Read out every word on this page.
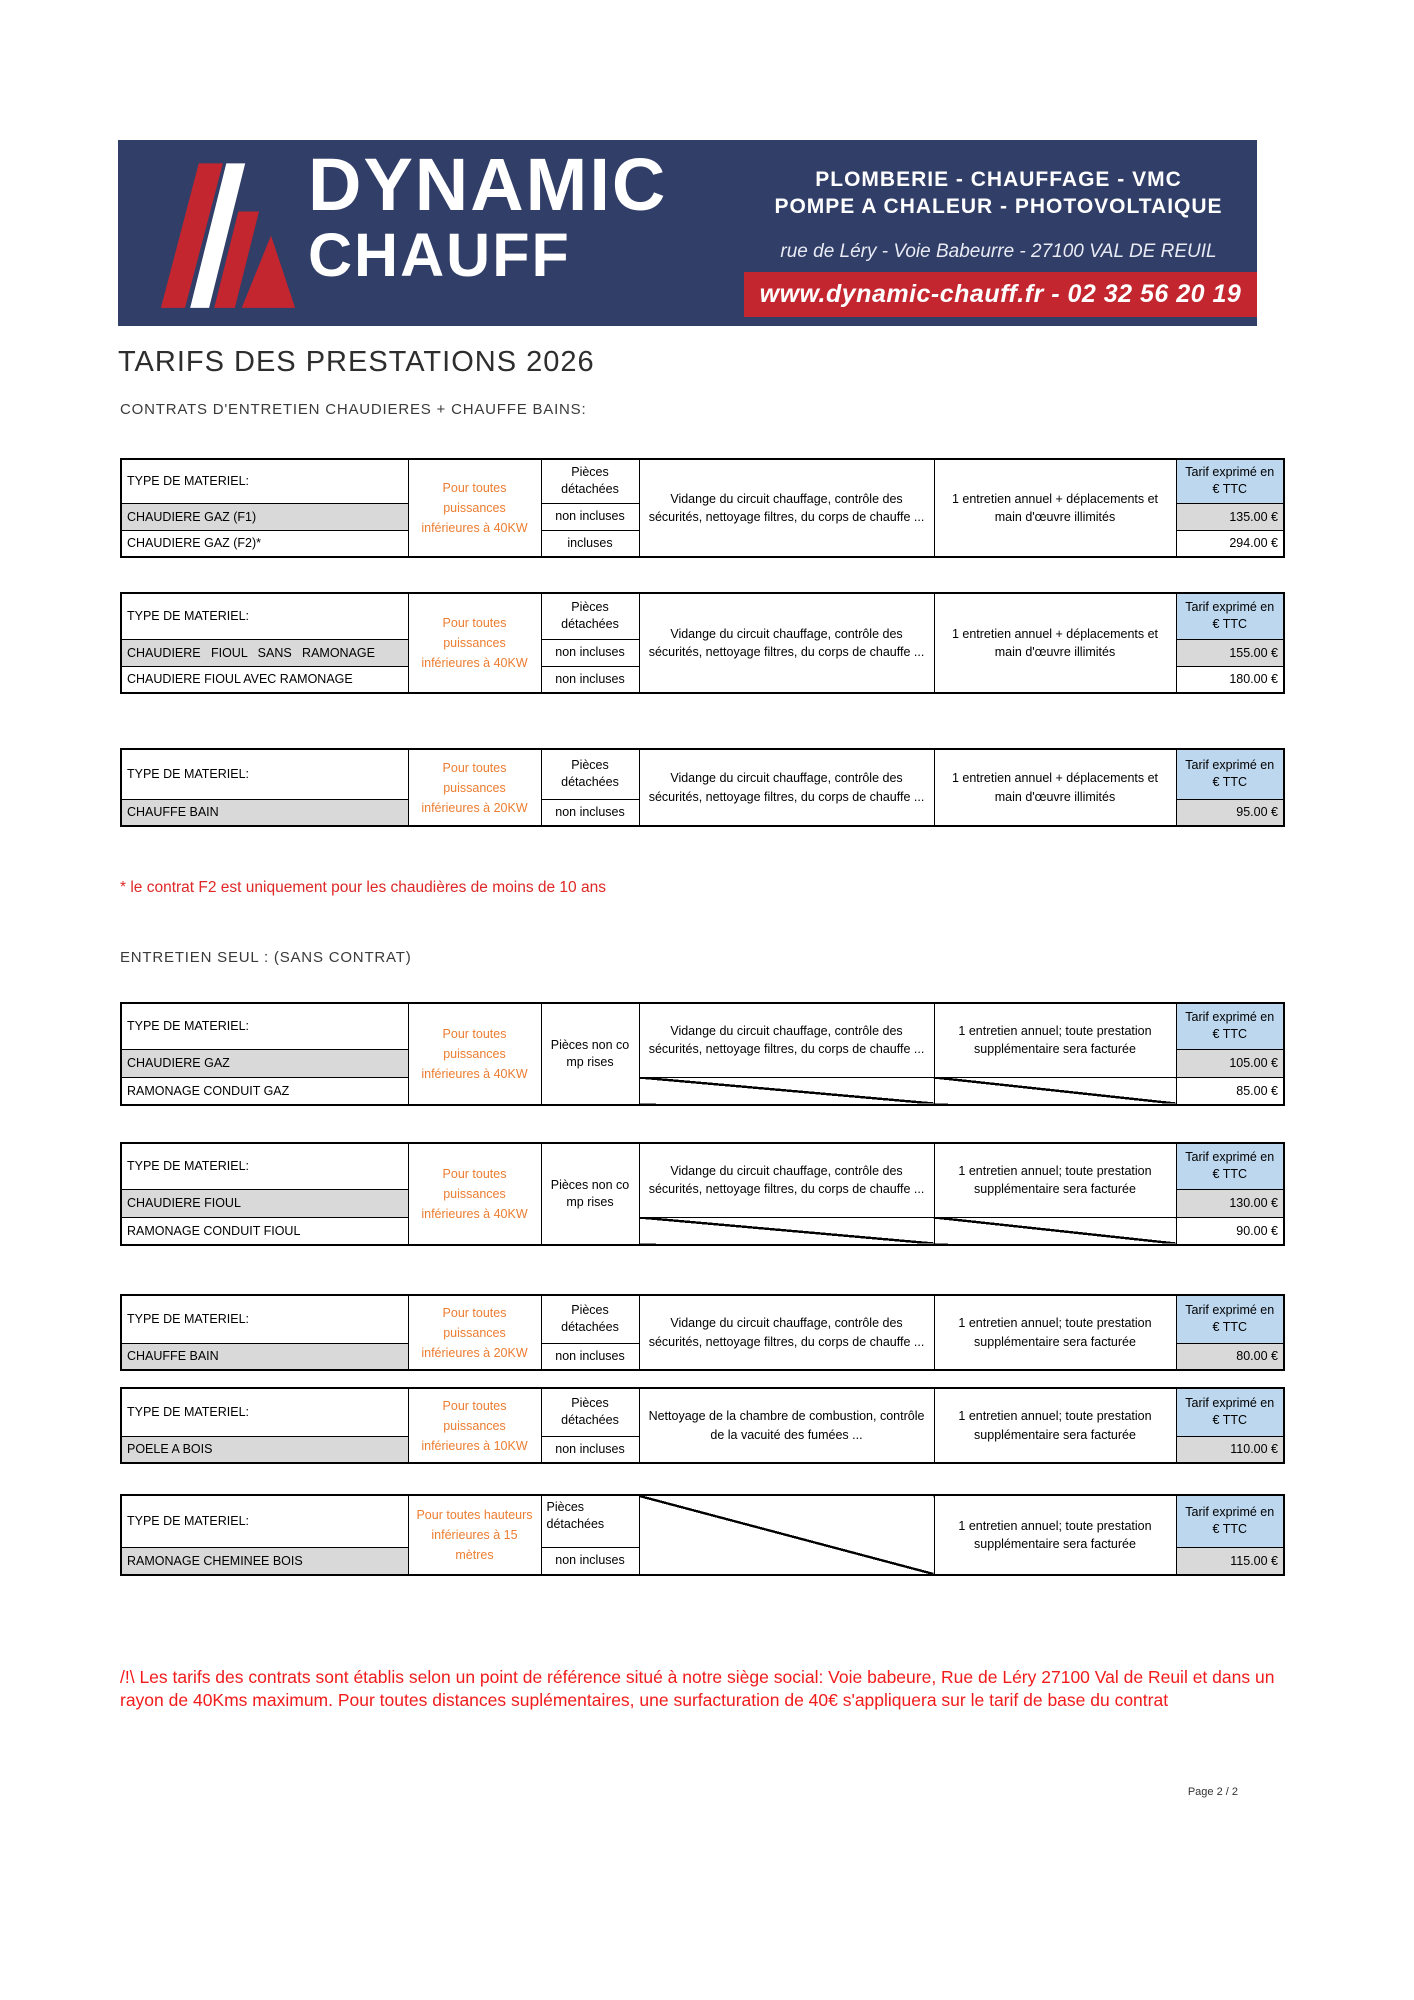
DYNAMIC
CHAUFF
PLOMBERIE - CHAUFFAGE - VMC
POMPE A CHALEUR - PHOTOVOLTAIQUE
rue de Léry - Voie Babeurre - 27100 VAL DE REUIL
www.dynamic-chauff.fr - 02 32 56 20 19
TARIFS DES PRESTATIONS 2026
CONTRATS D'ENTRETIEN CHAUDIERES + CHAUFFE BAINS:
TYPE DE MATERIEL:	Pour toutes puissances inférieures à 40KW	Pièces détachées	Vidange du circuit chauffage, contrôle des sécurités, nettoyage filtres, du corps de chauffe ...	1 entretien annuel + déplacements et main d'œuvre illimités	Tarif exprimé en € TTC
CHAUDIERE GAZ (F1)		non incluses			135.00 €
CHAUDIERE GAZ (F2)*		incluses			294.00 €
TYPE DE MATERIEL:	Pour toutes puissances inférieures à 40KW	Pièces détachées	Vidange du circuit chauffage, contrôle des sécurités, nettoyage filtres, du corps de chauffe ...	1 entretien annuel + déplacements et main d'œuvre illimités	Tarif exprimé en € TTC
CHAUDIERE FIOUL SANS RAMONAGE		non incluses			155.00 €
CHAUDIERE FIOUL AVEC RAMONAGE		non incluses			180.00 €
TYPE DE MATERIEL:	Pour toutes puissances inférieures à 20KW	Pièces détachées	Vidange du circuit chauffage, contrôle des sécurités, nettoyage filtres, du corps de chauffe ...	1 entretien annuel + déplacements et main d'œuvre illimités	Tarif exprimé en € TTC
CHAUFFE BAIN		non incluses			95.00 €
TYPE DE MATERIEL:	Pour toutes puissances inférieures à 40KW	Pièces non co mp rises	Vidange du circuit chauffage, contrôle des sécurités, nettoyage filtres, du corps de chauffe ...	1 entretien annuel; toute prestation supplémentaire sera facturée	Tarif exprimé en € TTC
CHAUDIERE GAZ					105.00 €
RAMONAGE CONDUIT GAZ					85.00 €
TYPE DE MATERIEL:	Pour toutes puissances inférieures à 40KW	Pièces non co mp rises	Vidange du circuit chauffage, contrôle des sécurités, nettoyage filtres, du corps de chauffe ...	1 entretien annuel; toute prestation supplémentaire sera facturée	Tarif exprimé en € TTC
CHAUDIERE FIOUL					130.00 €
RAMONAGE CONDUIT FIOUL					90.00 €
TYPE DE MATERIEL:	Pour toutes puissances inférieures à 20KW	Pièces détachées	Vidange du circuit chauffage, contrôle des sécurités, nettoyage filtres, du corps de chauffe ...	1 entretien annuel; toute prestation supplémentaire sera facturée	Tarif exprimé en € TTC
CHAUFFE BAIN		non incluses			80.00 €
TYPE DE MATERIEL:	Pour toutes puissances inférieures à 10KW	Pièces détachées	Nettoyage de la chambre de combustion, contrôle de la vacuité des fumées ...	1 entretien annuel; toute prestation supplémentaire sera facturée	Tarif exprimé en € TTC
POELE A BOIS		non incluses			110.00 €
TYPE DE MATERIEL:	Pour toutes hauteurs inférieures à 15 mètres	Pièces détachées		1 entretien annuel; toute prestation supplémentaire sera facturée	Tarif exprimé en € TTC
RAMONAGE CHEMINEE BOIS		non incluses			115.00 €
* le contrat F2 est uniquement pour les chaudières de moins de 10 ans
ENTRETIEN SEUL : (SANS CONTRAT)
/!\ Les tarifs des contrats sont établis selon un point de référence situé à notre siège social: Voie babeure, Rue de Léry 27100 Val de Reuil et dans un rayon de 40Kms maximum. Pour toutes distances suplémentaires, une surfacturation de 40€ s'appliquera sur le tarif de base du contrat
Page 2 / 2
